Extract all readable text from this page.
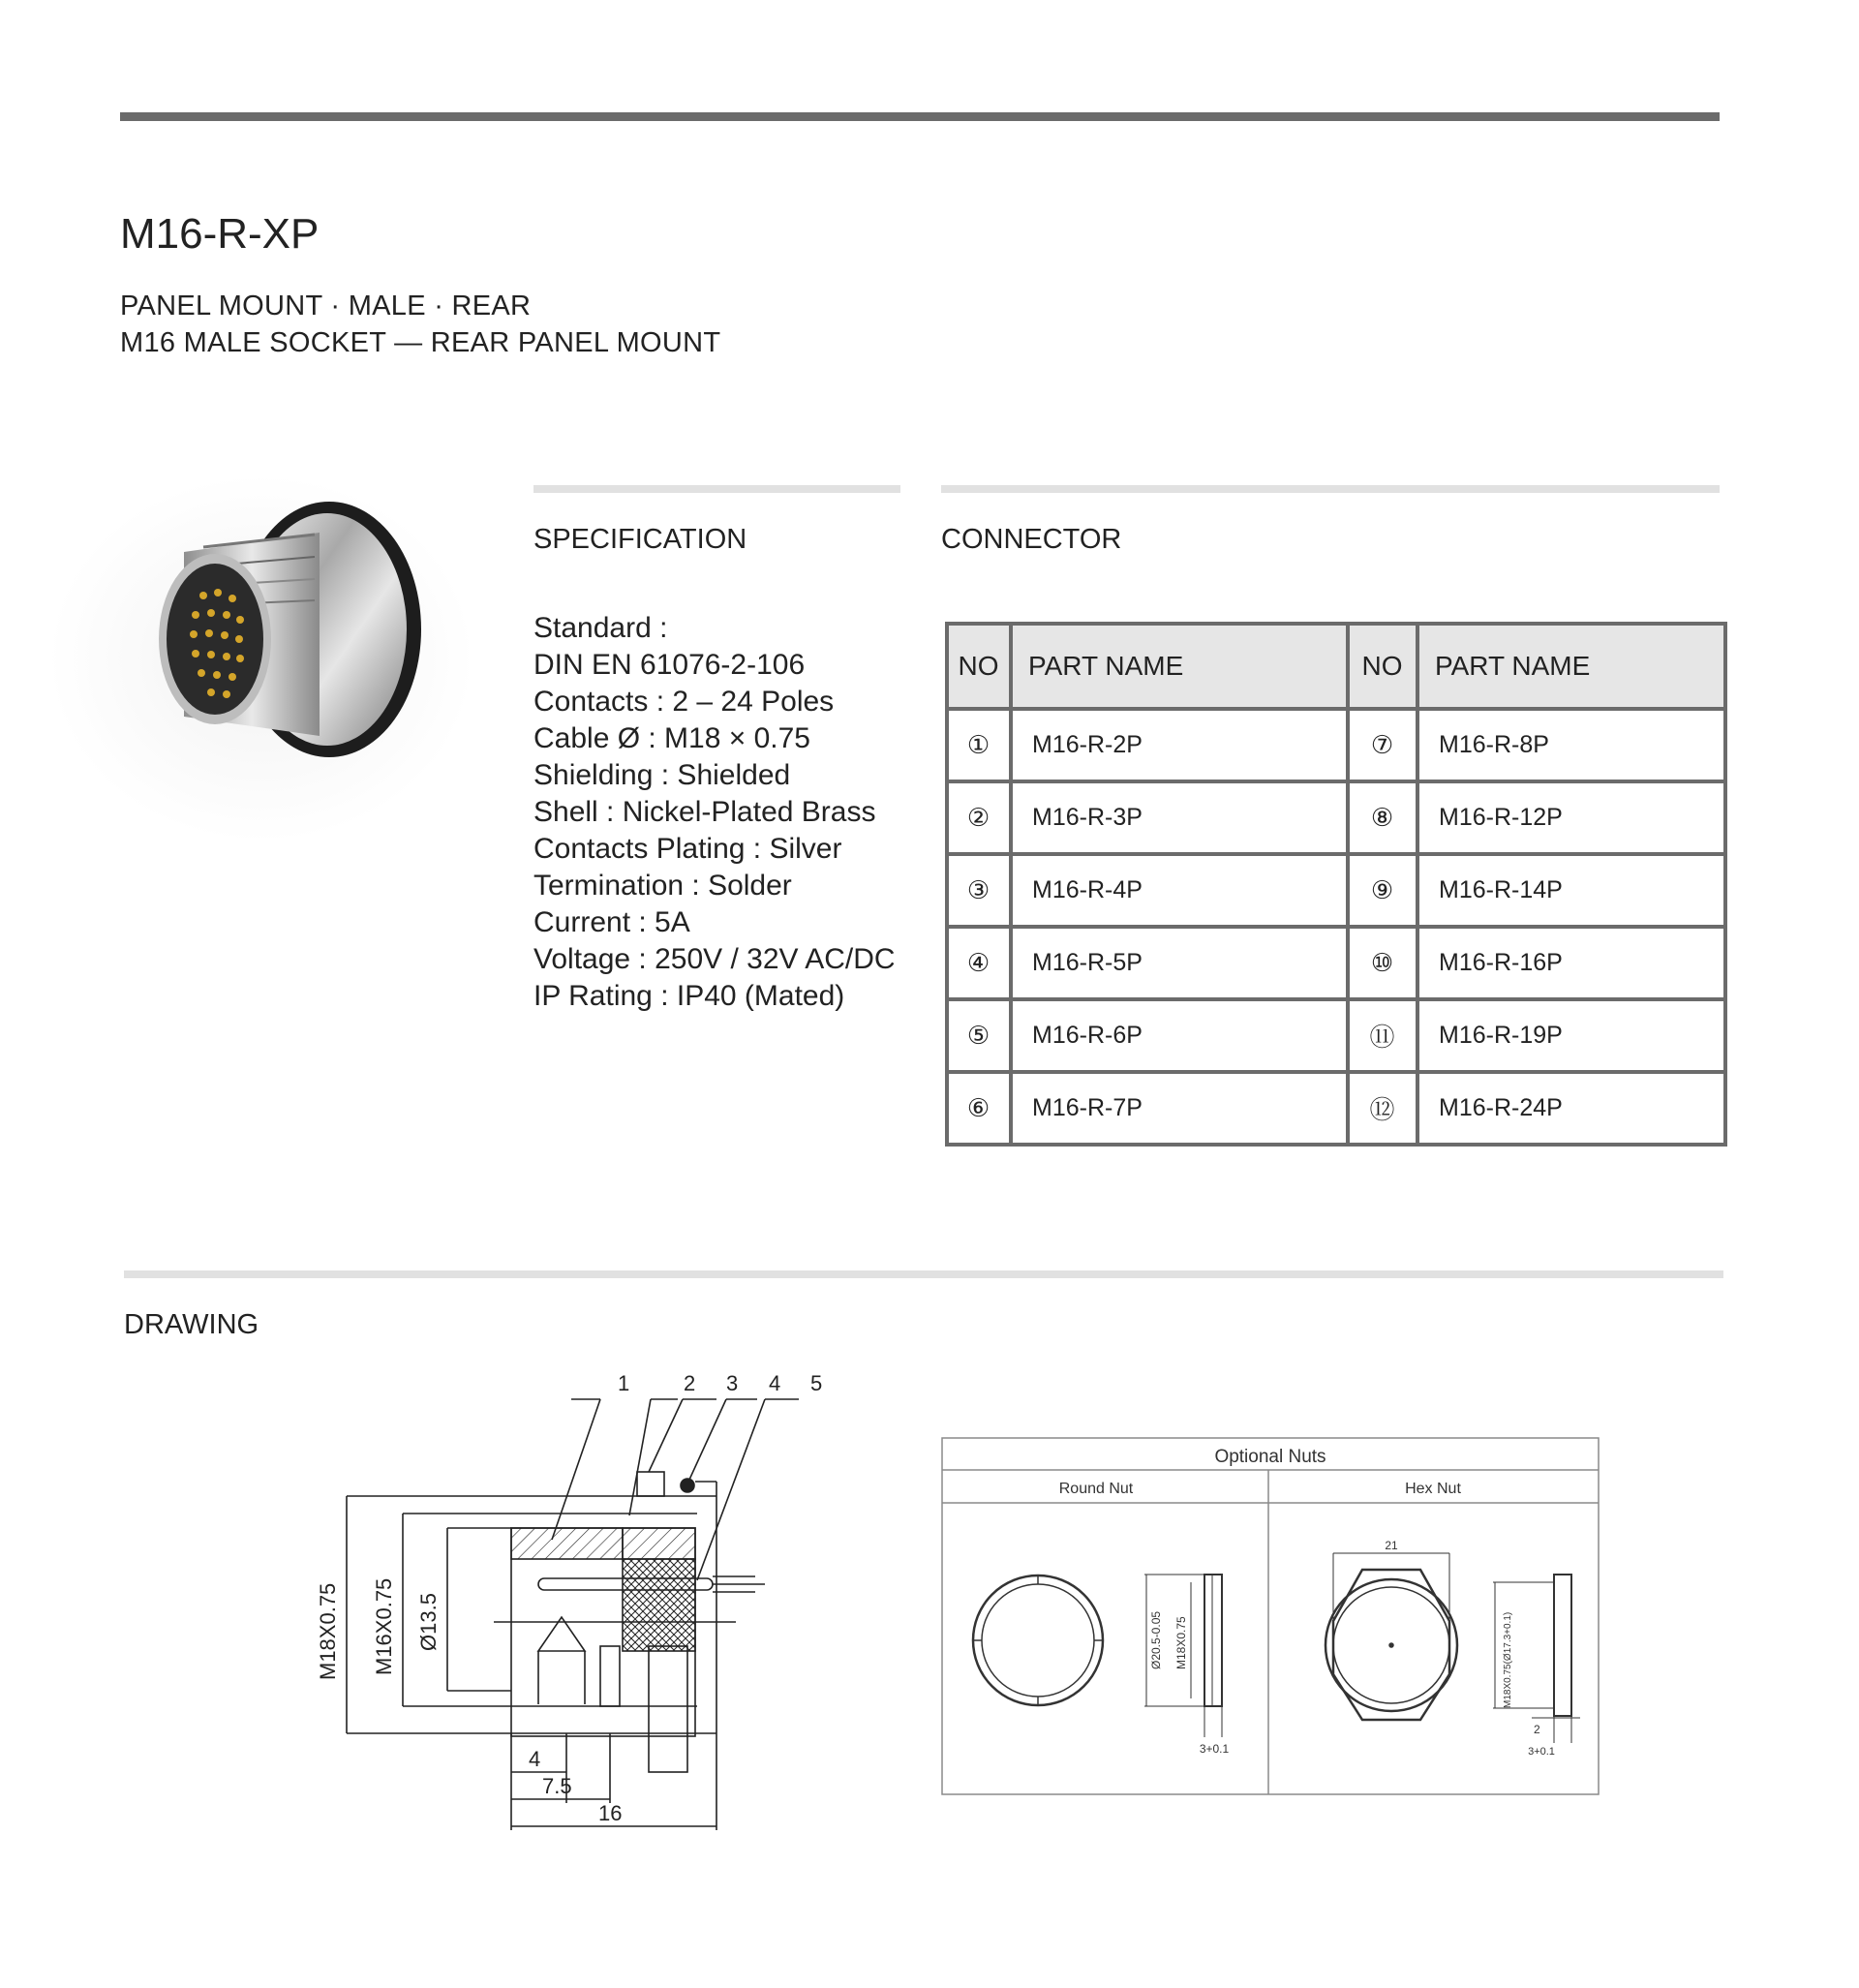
M16-R-XP
PANEL MOUNT · MALE · REAR
M16 MALE SOCKET — REAR PANEL MOUNT
SPECIFICATION
Standard :
DIN EN 61076-2-106
Contacts : 2 – 24 Poles
Cable Ø : M18 × 0.75
Shielding : Shielded
Shell : Nickel-Plated Brass
Contacts Plating : Silver
Termination : Solder
Current : 5A
Voltage : 250V / 32V AC/DC
IP Rating : IP40 (Mated)
CONNECTOR
NO	PART NAME	NO	PART NAME
①	M16-R-2P	⑦	M16-R-8P
②	M16-R-3P	⑧	M16-R-12P
③	M16-R-4P	⑨	M16-R-14P
④	M16-R-5P	⑩	M16-R-16P
⑤	M16-R-6P	⑪	M16-R-19P
⑥	M16-R-7P	⑫	M16-R-24P
DRAWING
1	2 3 4 5
M18X0.75 M16X0.75 Ø13.5
4
7.5
16
Optional Nuts
Round Nut	Hex Nut
Ø20.5-0.05 M18X0.75
3+0.1
21
M18X0.75(Ø17.3+0.1)
2
3+0.1
